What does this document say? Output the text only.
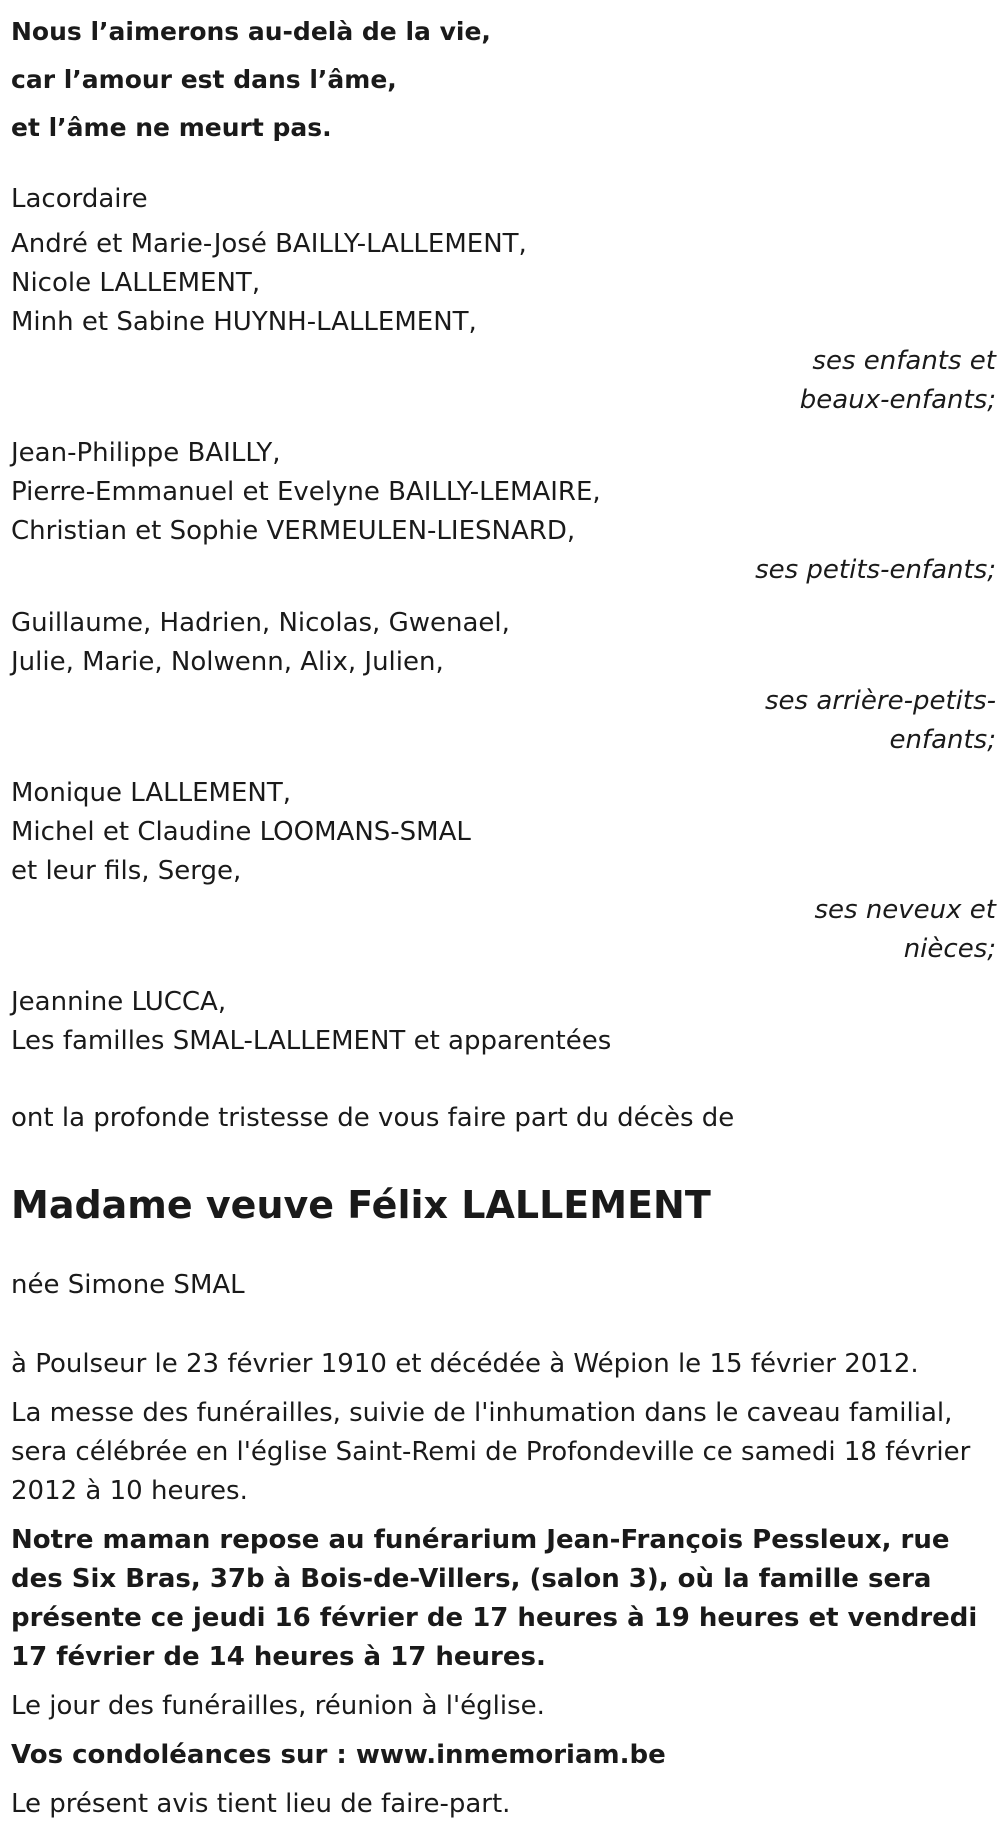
Nous l’aimerons au-delà de la vie,
car l’amour est dans l’âme,
et l’âme ne meurt pas.
Lacordaire
André et Marie-José BAILLY-LALLEMENT,
Nicole LALLEMENT,
Minh et Sabine HUYNH-LALLEMENT,
ses enfants et
beaux-enfants;
Jean-Philippe BAILLY,
Pierre-Emmanuel et Evelyne BAILLY-LEMAIRE,
Christian et Sophie VERMEULEN-LIESNARD,
ses petits-enfants;
Guillaume, Hadrien, Nicolas, Gwenael,
Julie, Marie, Nolwenn, Alix, Julien,
ses arrière-petits-
enfants;
Monique LALLEMENT,
Michel et Claudine LOOMANS-SMAL
et leur fils, Serge,
ses neveux et
nièces;
Jeannine LUCCA,
Les familles SMAL-LALLEMENT et apparentées
ont la profonde tristesse de vous faire part du décès de
Madame veuve Félix LALLEMENT
née Simone SMAL
à Poulseur le 23 février 1910 et décédée à Wépion le 15 février 2012.
La messe des funérailles, suivie de l'inhumation dans le caveau familial, sera célébrée en l'église Saint-Remi de Profondeville ce samedi 18 février 2012 à 10 heures.
Notre maman repose au funérarium Jean-François Pessleux, rue des Six Bras, 37b à Bois-de-Villers, (salon 3), où la famille sera présente ce jeudi 16 février de 17 heures à 19 heures et vendredi 17 février de 14 heures à 17 heures.
Le jour des funérailles, réunion à l'église.
Vos condoléances sur : www.inmemoriam.be
Le présent avis tient lieu de faire-part.
